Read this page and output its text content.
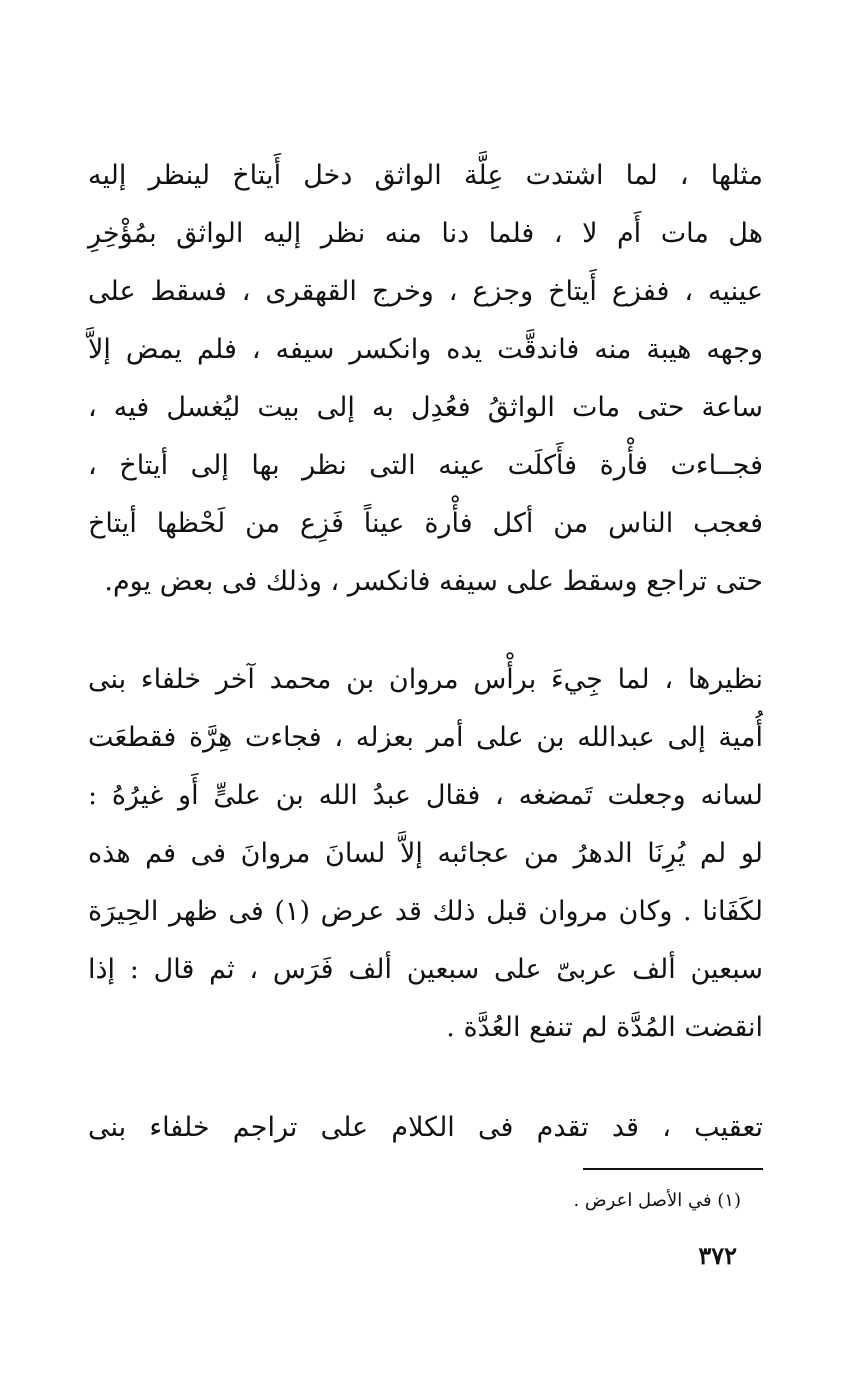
مثلها ، لما اشتدت عِلَّة الواثق دخل أَيتاخ لينظر إليه
هل مات أَم لا ، فلما دنا منه نظر إليه الواثق بمُؤْخِرِ
عينيه ، ففزع أَيتاخ وجزع ، وخرج القهقرى ، فسقط على
وجهه هيبة منه فاندقَّت يده وانكسر سيفه ، فلم يمض إلاَّ
ساعة حتى مات الواثقُ فعُدِل به إلى بيت ليُغسل فيه ،
فجــاءت فأْرة فأَكلَت عينه التى نظر بها إلى أيتاخ ،
فعجب الناس من أكل فأْرة عيناً فَزِع من لَحْظها أيتاخ
حتى تراجع وسقط على سيفه فانكسر ، وذلك فى بعض يوم.
نظيرها ، لما جِيءَ برأْس مروان بن محمد آخر خلفاء بنى
أُمية إلى عبدالله بن على أمر بعزله ، فجاءت هِرَّة فقطعَت
لسانه وجعلت تَمضغه ، فقال عبدُ الله بن علىٍّ أَو غيرُهُ :
لو لم يُرِنَا الدهرُ من عجائبه إلاَّ لسانَ مروانَ فى فم هذه
لكَفَانا . وكان مروان قبل ذلك قد عرض (١) فى ظهر الحِيرَة
سبعين ألف عربىّ على سبعين ألف فَرَس ، ثم قال : إذا
انقضت المُدَّة لم تنفع العُدَّة .
تعقيب ، قد تقدم فى الكلام على تراجم خلفاء بنى
(١) في الأصل اعرض .
٣٧٢
